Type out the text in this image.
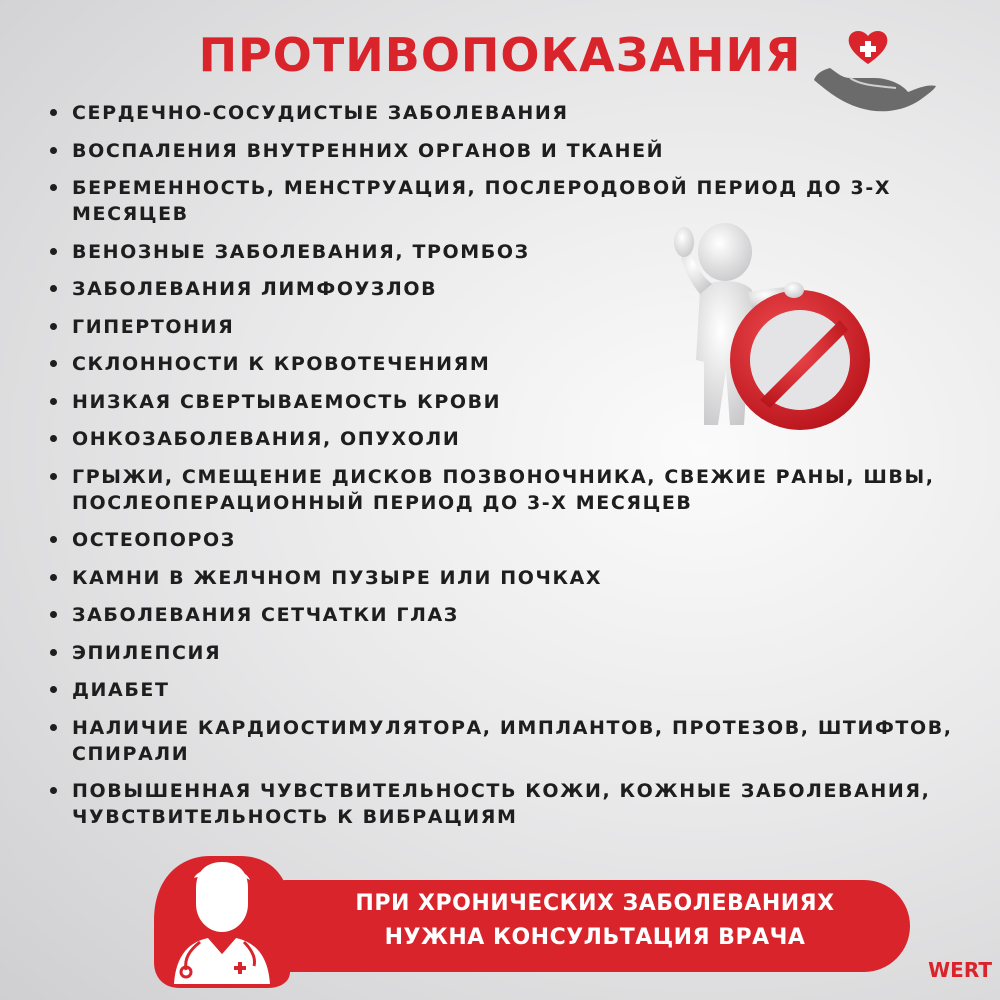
ПРОТИВОПОКАЗАНИЯ
СЕРДЕЧНО-СОСУДИСТЫЕ ЗАБОЛЕВАНИЯ
ВОСПАЛЕНИЯ ВНУТРЕННИХ ОРГАНОВ И ТКАНЕЙ
БЕРЕМЕННОСТЬ, МЕНСТРУАЦИЯ, ПОСЛЕРОДОВОЙ ПЕРИОД ДО 3-Х МЕСЯЦЕВ
ВЕНОЗНЫЕ ЗАБОЛЕВАНИЯ, ТРОМБОЗ
ЗАБОЛЕВАНИЯ ЛИМФОУЗЛОВ
ГИПЕРТОНИЯ
СКЛОННОСТИ К КРОВОТЕЧЕНИЯМ
НИЗКАЯ СВЕРТЫВАЕМОСТЬ КРОВИ
ОНКОЗАБОЛЕВАНИЯ, ОПУХОЛИ
ГРЫЖИ, СМЕЩЕНИЕ ДИСКОВ ПОЗВОНОЧНИКА, СВЕЖИЕ РАНЫ, ШВЫ, ПОСЛЕОПЕРАЦИОННЫЙ ПЕРИОД ДО 3-Х МЕСЯЦЕВ
ОСТЕОПОРОЗ
КАМНИ В ЖЕЛЧНОМ ПУЗЫРЕ ИЛИ ПОЧКАХ
ЗАБОЛЕВАНИЯ СЕТЧАТКИ ГЛАЗ
ЭПИЛЕПСИЯ
ДИАБЕТ
НАЛИЧИЕ КАРДИОСТИМУЛЯТОРА, ИМПЛАНТОВ, ПРОТЕЗОВ, ШТИФТОВ, СПИРАЛИ
ПОВЫШЕННАЯ ЧУВСТВИТЕЛЬНОСТЬ КОЖИ, КОЖНЫЕ ЗАБОЛЕВАНИЯ, ЧУВСТВИТЕЛЬНОСТЬ К ВИБРАЦИЯМ
ПРИ ХРОНИЧЕСКИХ ЗАБОЛЕВАНИЯХ
НУЖНА КОНСУЛЬТАЦИЯ ВРАЧА
WERT
